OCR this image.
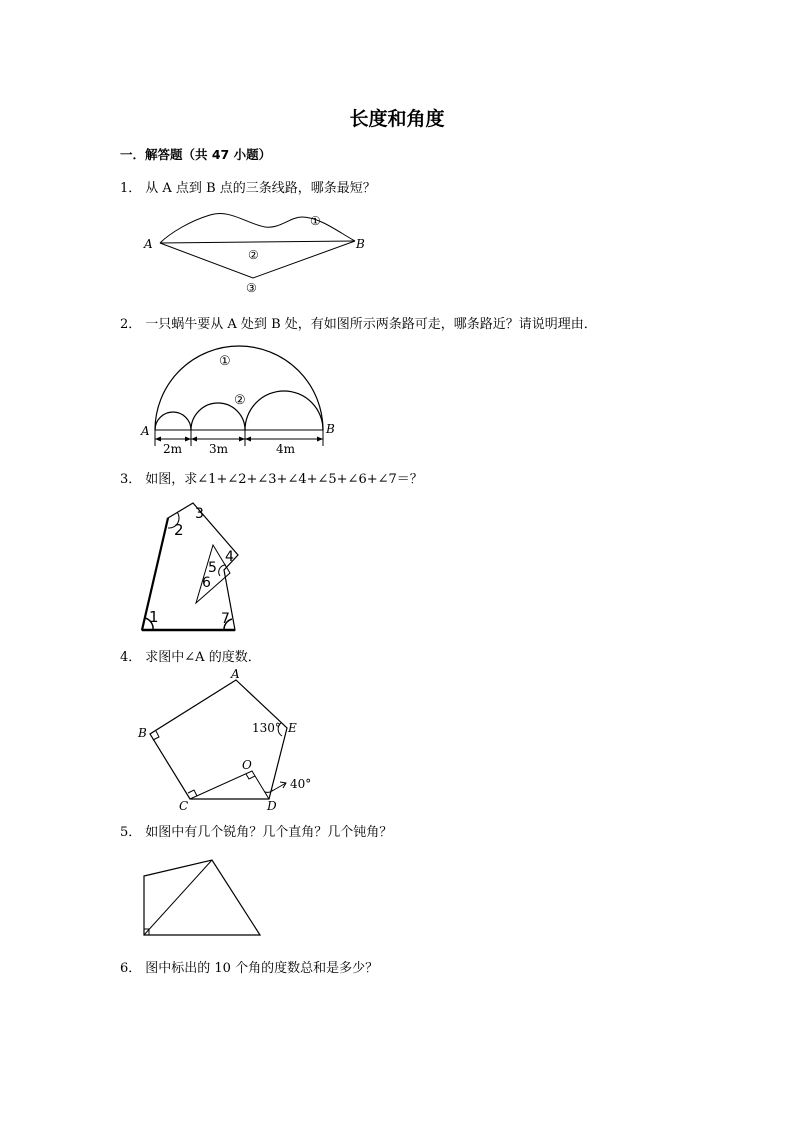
长度和角度
一．解答题（共 47 小题）
1． 从 A 点到 B 点的三条线路，哪条最短？
A	B
①
②
③
2． 一只蜗牛要从 A 处到 B 处，有如图所示两条路可走，哪条路近？请说明理由．
A	B
①
②
2m 3m	4m
3． 如图，求∠1+∠2+∠3+∠4+∠5+∠6+∠7＝？
1
2
3
4
5
6
7
4． 求图中∠A 的度数．
A
B
C	D
E
O
130°
40°
5． 如图中有几个锐角？几个直角？几个钝角？
6． 图中标出的 10 个角的度数总和是多少？
